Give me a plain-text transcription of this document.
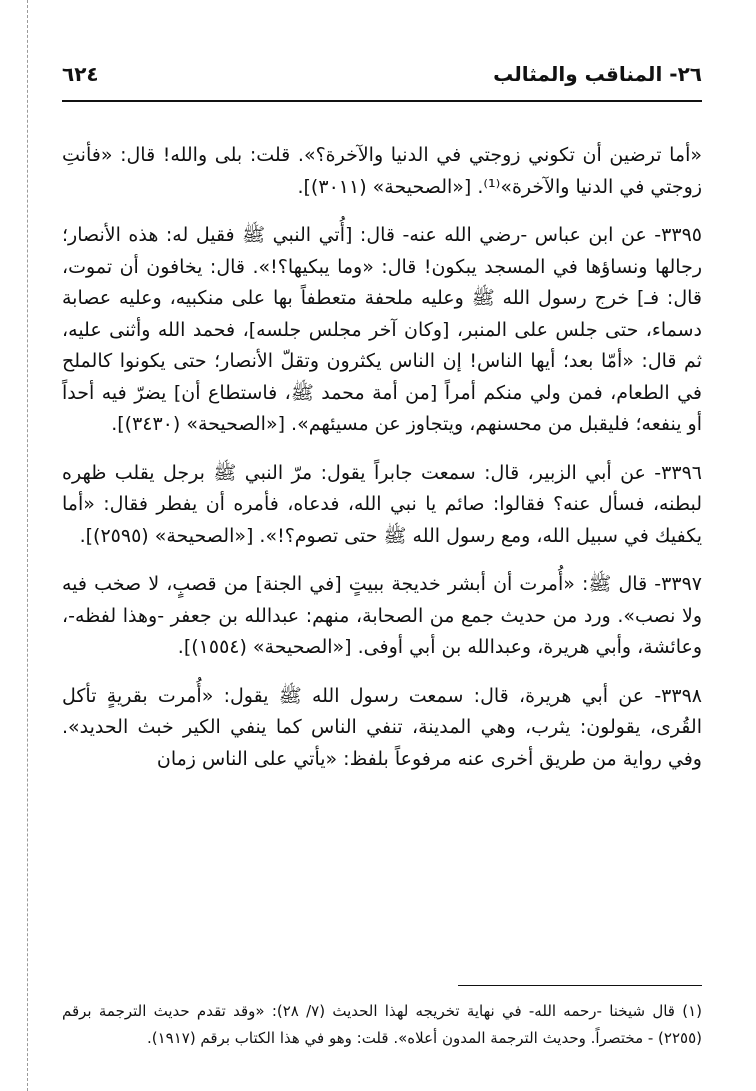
٢٦- المناقب والمثالب
٦٢٤

«أما ترضين أن تكوني زوجتي في الدنيا والآخرة؟». قلت: بلى والله! قال: «فأنتِ زوجتي في الدنيا والآخرة»⁽¹⁾. [«الصحيحة» (٣٠١١)].

٣٣٩٥- عن ابن عباس -رضي الله عنه- قال: [أُتي النبي ﷺ فقيل له: هذه الأنصار؛ رجالها ونساؤها في المسجد يبكون! قال: «وما يبكيها؟!». قال: يخافون أن تموت، قال: فـ] خرج رسول الله ﷺ وعليه ملحفة متعطفاً بها على منكبيه، وعليه عصابة دسماء، حتى جلس على المنبر، [وكان آخر مجلس جلسه]، فحمد الله وأثنى عليه، ثم قال: «أمّا بعد؛ أيها الناس! إن الناس يكثرون وتقلّ الأنصار؛ حتى يكونوا كالملح في الطعام، فمن ولي منكم أمراً [من أمة محمد ﷺ، فاستطاع أن] يضرّ فيه أحداً أو ينفعه؛ فليقبل من محسنهم، ويتجاوز عن مسيئهم». [«الصحيحة» (٣٤٣٠)].

٣٣٩٦- عن أبي الزبير، قال: سمعت جابراً يقول: مرّ النبي ﷺ برجل يقلب ظهره لبطنه، فسأل عنه؟ فقالوا: صائم يا نبي الله، فدعاه، فأمره أن يفطر فقال: «أما يكفيك في سبيل الله، ومع رسول الله ﷺ حتى تصوم؟!». [«الصحيحة» (٢٥٩٥)].

٣٣٩٧- قال ﷺ: «أُمرت أن أبشر خديجة ببيتٍ [في الجنة] من قصبٍ، لا صخب فيه ولا نصب». ورد من حديث جمع من الصحابة، منهم: عبدالله بن جعفر -وهذا لفظه-، وعائشة، وأبي هريرة، وعبدالله بن أبي أوفى. [«الصحيحة» (١٥٥٤)].

٣٣٩٨- عن أبي هريرة، قال: سمعت رسول الله ﷺ يقول: «أُمرت بقريةٍ تأكل القُرى، يقولون: يثرب، وهي المدينة، تنفي الناس كما ينفي الكير خبث الحديد». وفي رواية من طريق أخرى عنه مرفوعاً بلفظ: «يأتي على الناس زمان

(١) قال شيخنا -رحمه الله- في نهاية تخريجه لهذا الحديث (٧/ ٢٨): «وقد تقدم حديث الترجمة برقم (٢٢٥٥) - مختصراً. وحديث الترجمة المدون أعلاه». قلت: وهو في هذا الكتاب برقم (١٩١٧).
